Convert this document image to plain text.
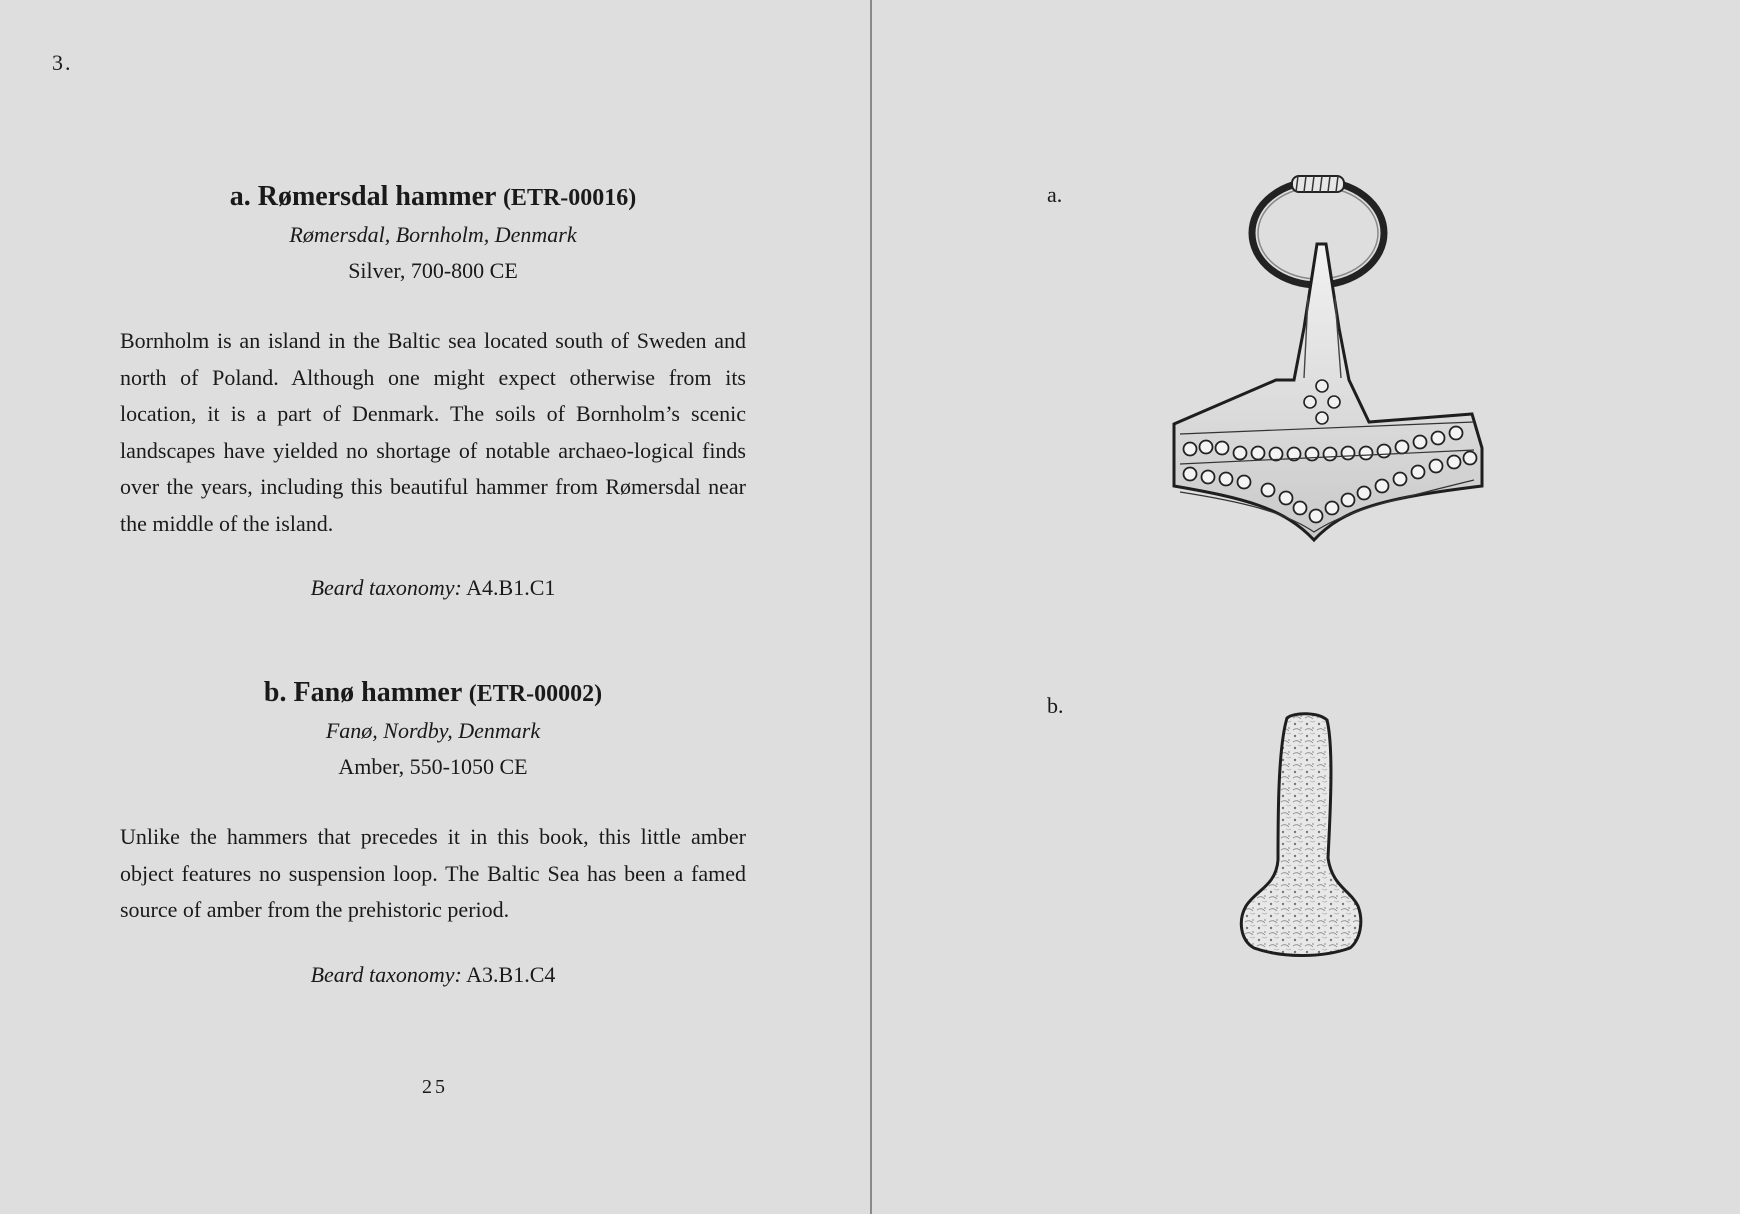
3.
a. Rømersdal hammer (ETR-00016)

Rømersdal, Bornholm, Denmark

Silver, 700-800 CE

Bornholm is an island in the Baltic sea located south of Sweden and north of Poland. Although one might expect otherwise from its location, it is a part of Denmark. The soils of Bornholm’s scenic landscapes have yielded no shortage of notable archaeo-logical finds over the years, including this beautiful hammer from Rømersdal near the middle of the island.

Beard taxonomy: A4.B1.C1

b. Fanø hammer (ETR-00002)

Fanø, Nordby, Denmark

Amber, 550-1050 CE

Unlike the hammers that precedes it in this book, this little amber object features no suspension loop. The Baltic Sea has been a famed source of amber from the prehistoric period.

Beard taxonomy: A3.B1.C4

25
a.
b.
